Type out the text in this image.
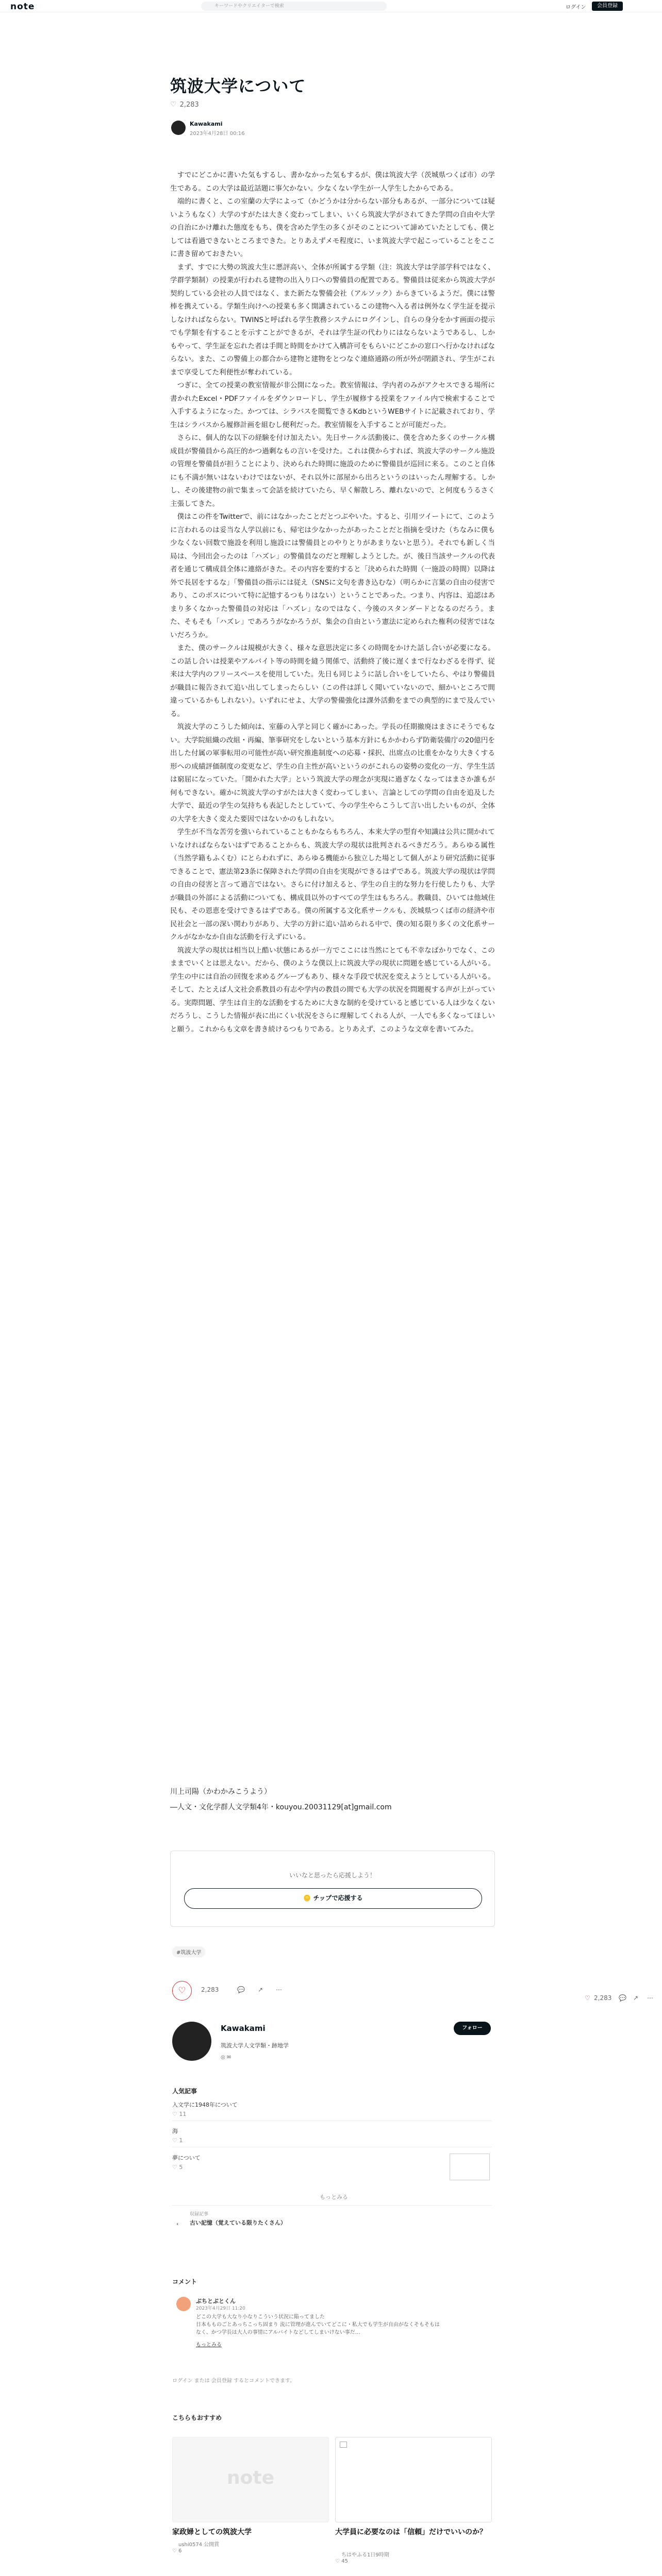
note	キーワードやクリエイターで検索	ログイン	会員登録
筑波大学について
♡ 2,283
Kawakami
2023年4月28日 00:16

　すでにどこかに書いた気もするし、書かなかった気もするが、僕は筑波大学（茨城県つくば市）の学生である。この大学は最近話題に事欠かない。少なくない学生が一人学生したからである。

　端的に書くと、この室蘭の大学によって（かどうかは分からない部分もあるが、一部分については疑いようもなく）大学のすがたは大きく変わってしまい、いくら筑波大学がされてきた学問の自由や大学の自治にかけ離れた態度をもち、僕を含めた学生の多くがそのことについて諦めていたとしても、僕としては看過できないところまできた。とりあえずメモ程度に、いま筑波大学で起こっていることをここに書き留めておきたい。

　まず、すでに大勢の筑波大生に悪評高い、全体が所属する学類（注：筑波大学は学部学科ではなく、学群学類制）の授業が行われる建物の出入り口への警備員の配置である。警備員は従来から筑波大学が契約している会社の人員ではなく、また新たな警備会社（アルソック）からきているようだ。僕には警棒を携えている。学類生向けへの授業も多く開講されているこの建物へ入る者は例外なく学生証を提示しなければならない。TWINSと呼ばれる学生教務システムにログインし、自らの身分をかす画面の提示でも学類を有することを示すことができるが、それは学生証の代わりにはならないようであるし、しかもやって、学生証を忘れた者は手間と時間をかけて入構許可をもらいにどこかの窓口へ行かなければならない。また、この警備上の都合から建物と建物をとつなぐ連絡通路の所が外が閉鎖され、学生がこれまで享受してた利便性が奪われている。

　つぎに、全ての授業の教室情報が非公開になった。教室情報は、学内者のみがアクセスできる場所に書かれたExcel・PDFファイルをダウンロードし、学生が履修する授業をファイル内で検索することで入手するようになった。かつては、シラバスを閲覧できるKdbというWEBサイトに記載されており、学生はシラバスから履修計画を組むし便利だった。教室情報を入手することが可能だった。

　さらに、個人的な以下の経験を付け加えたい。先日サークル活動後に、僕を含めた多くのサークル構成員が警備員から高圧的かつ過剰なもの言いを受けた。これは僕からすれば、筑波大学のサークル施設の管理を警備員が担うことにより、決められた時間に施設のために警備員が巡回に来る。このこと自体にも不満が無いはないわけではないが、それ以外に部屋から出ろというのはいったん理解する。しかし、その後建物の前で集まって会話を続けていたら、早く解散しろ、離れないので、と何度もうるさく主張してきた。

　僕はこの件をTwitterで、前にはなかったことだとつぶやいた。すると、引用ツイートにて、このように言われるのは妥当な人学以前にも、帰宅は少なかったがあったことだと指摘を受けた（ちなみに僕も少なくない回数で施設を利用し施設には警備員とのやりとりがあまりないと思う）。それでも新しく当局は、今回出会ったのは「ハズレ」の警備員なのだと理解しようとした。が、後日当該サークルの代表者を通じて構成員全体に連絡がきた。その内容を要約すると「決められた時間（一施設の時間）以降は外で長居をするな」「警備員の指示には従え（SNSに文句を書き込むな）（明らかに言葉の自由の侵害であり、このボスについて特に記憶するつもりはない）ということであった。つまり、内容は、追認はあまり多くなかった警備員の対応は「ハズレ」なのではなく、今後のスタンダードとなるのだろう。また、そもそも「ハズレ」であろうがなかろうが、集会の自由という憲法に定められた権利の侵害ではないだろうか。

　また、僕のサークルは規模が大きく、様々な意思決定に多くの時間をかけた話し合いが必要になる。この話し合いは授業やアルバイト等の時間を縫う関係で、活動終了後に遅くまで行なわざるを得ず、従来は大学内のフリースペースを使用していた。先日も同じように話し合いをしていたら、やはり警備員が職員に報告されて追い出してしまったらしい（この件は詳しく聞いていないので、細かいところで間違っているかもしれない）。いずれにせよ、大学の警備強化は課外活動をまでの典型的にまで及んでいる。

　筑波大学のこうした傾向は、室藤の入学と同じく確かにあった。学長の任期撤廃はまさにそうでもない。大学院組織の改組・再編、筆事研究をしないという基本方針にもかかわらず防衛装備庁の20億円を出した付属の軍事転用の可能性が高い研究推進制度への応募・採択、出席点の比重をかなり大きくする形への成績評価制度の変更など、学生の自主性が高いというのがこれらの姿勢の変化の一方、学生生活は窮屈になっていた。「開かれた大学」という筑波大学の理念が実現に過ぎなくなってはまさか誰もが何もできない。確かに筑波大学のすがたは大きく変わってしまい、言論としての学問の自由を追及した大学で、最近の学生の気持ちも表記したとしていて、今の学生やらこうして言い出したいものが、全体の大学を大きく変えた要因ではないかのもしれない。

　学生が不当な苦労を強いられていることもかならもちろん、本来大学の型育や知識は公共に開かれていなければならないはずであることからも、筑波大学の現状は批判されるべきだろう。あらゆる属性（当然学籍もふくむ）にとらわれずに、あらゆる機能から独立した場として個人がより研究活動に従事できることで、憲法第23条に保障された学問の自由を実現ができるはずである。筑波大学の現状は学問の自由の侵害と言って過言ではない。さらに付け加えると、学生の自主的な努力を行使したりも、大学が職員の外部による活動についても、構成員以外のすべての学生はもちろん。教職員、ひいては他域住民も、その恩恵を受けできるはずである。僕の所属する文化系サークルも、茨城県つくば市の経済や市民社会と一部の深い関わりがあり、大学の方針に追い詰められる中で、僕の知る限り多くの文化系サークルがなかなか自由な活動を行えずにいる。

　筑波大学の現状は相当以上酷い状態にあるが一方でここには当然にとても不幸なばかりでなく、このままでいくとは思えない。だから、僕のような僕以上に筑波大学の現状に問題を感じている人がいる。学生の中には自治の回復を求めるグループもあり、様々な手段で状況を変えようとしている人がいる。そして、たとえば人文社会系教員の有志や学内の教員の間でも大学の状況を問題視する声が上がっている。実際問題、学生は自主的な活動をするために大きな制約を受けていると感じている人は少なくないだろうし、こうした情報が表に出にくい状況をさらに理解してくれる人が、一人でも多くなってほしいと願う。これからも文章を書き続けるつもりである。とりあえず、このような文章を書いてみた。

川上司陽（かわかみこうよう）
―人文・文化学群人文学類4年・kouyou.20031129[at]gmail.com
いいなと思ったら応援しよう！
🪙 チップで応援する
#筑波大学
♡	2,283	💬 ↗ ⋯
♡ 2,283 💬 ↗ ⋯
Kawakami
筑波大学人文学類・跡地学
◎ ✉
フォロー
人気記事
入文学に1948年について
♡ 11
海
♡ 1
夢について
♡ 5
もっとみる
収録記事
‹ 古い記憶（覚えている限りたくさん）
コメント
ぶちとぶとくん
2023年4月29日 11:20
どこの大学も大なり小なりこういう状況に陥ってました
日本もものごとあっちこっち固まり 流に管理が進んでいてどこに・私大でも学生が自由がなくそもそもはなく、かつ学長は大人の事情にアルバイトなどしてしまいけない事だ…
もっとみる
ログイン または 会員登録 するとコメントできます。
こちらもおすすめ
note
家政婦としての筑波大学
ushi0574 公開賞
♡ 6
大学員に必要なのは「信頼」だけでいいのか？
ちはやふる1日9時期
♡ 45
